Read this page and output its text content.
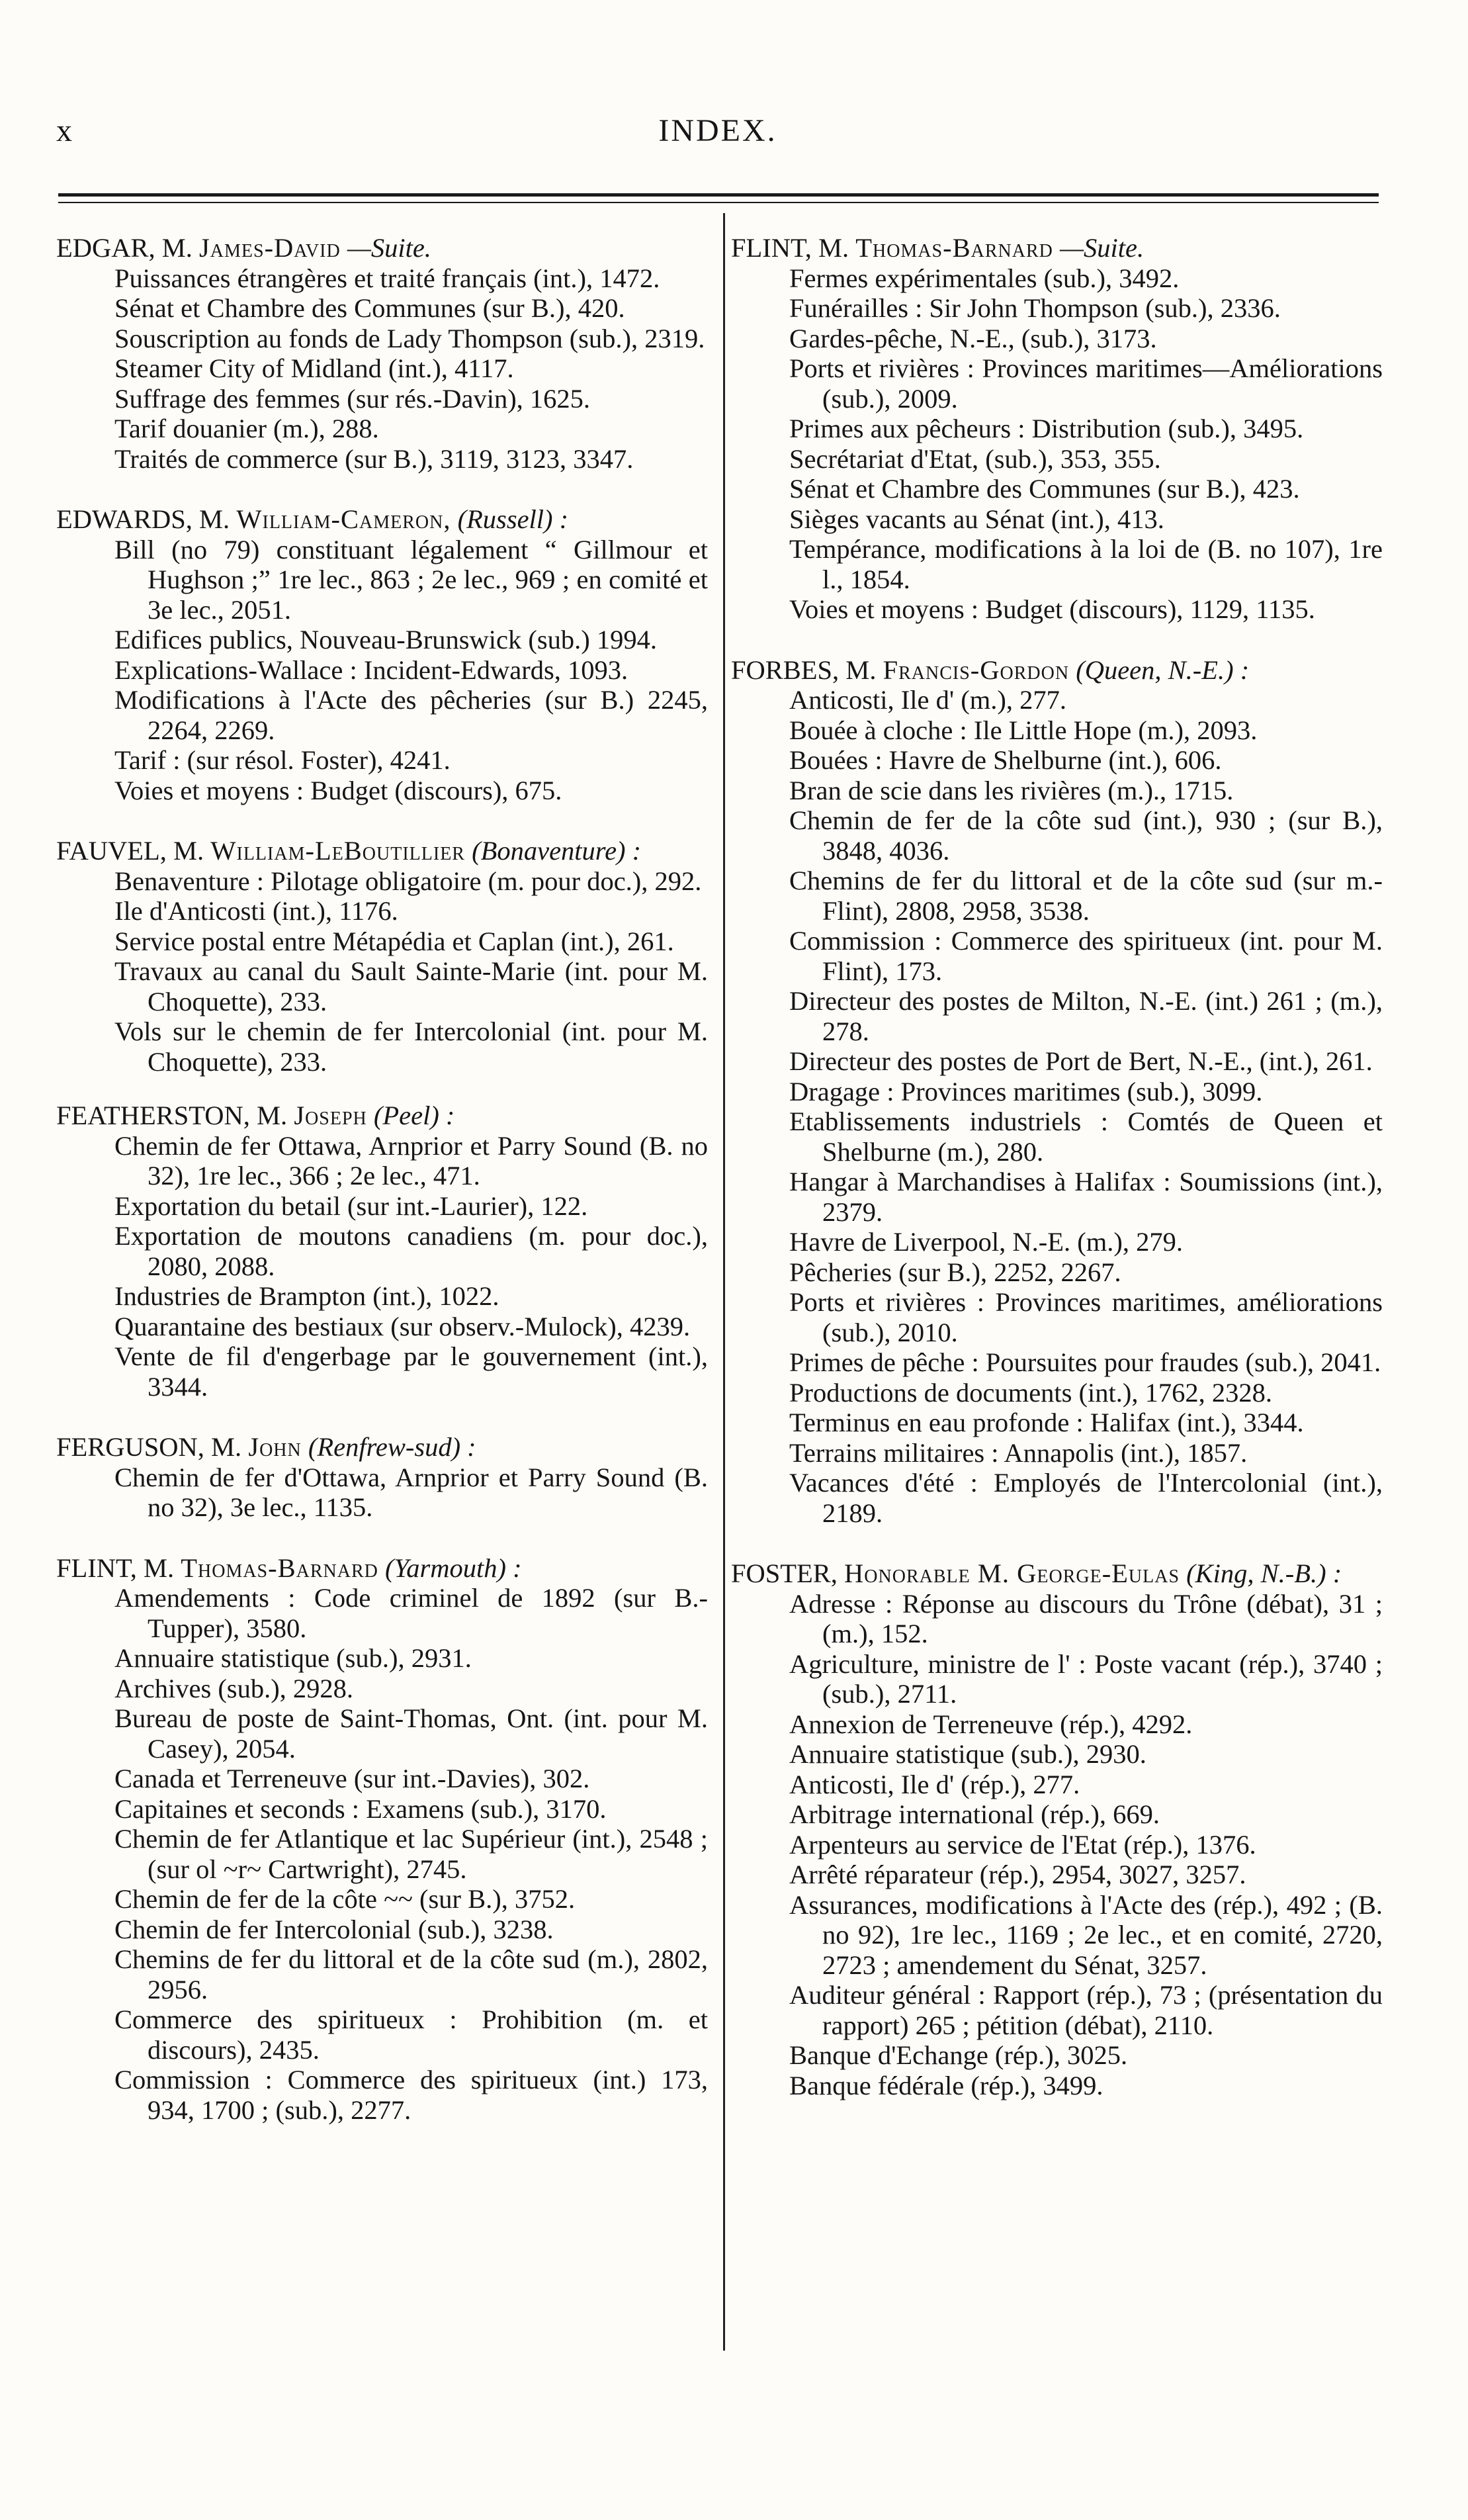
x	INDEX.
EDGAR, M. James-David —Suite.
Puissances étrangères et traité français (int.), 1472.
Sénat et Chambre des Communes (sur B.), 420.
Souscription au fonds de Lady Thompson (sub.), 2319.
Steamer City of Midland (int.), 4117.
Suffrage des femmes (sur rés.-Davin), 1625.
Tarif douanier (m.), 288.
Traités de commerce (sur B.), 3119, 3123, 3347.
EDWARDS, M. William-Cameron, (Russell) :
Bill (no 79) constituant légalement “ Gillmour et Hughson ;” 1re lec., 863 ; 2e lec., 969 ; en comité et 3e lec., 2051.
Edifices publics, Nouveau-Brunswick (sub.) 1994.
Explications-Wallace : Incident-Edwards, 1093.
Modifications à l'Acte des pêcheries (sur B.) 2245, 2264, 2269.
Tarif : (sur résol. Foster), 4241.
Voies et moyens : Budget (discours), 675.
FAUVEL, M. William-LeBoutillier (Bonaventure) :
Benaventure : Pilotage obligatoire (m. pour doc.), 292.
Ile d'Anticosti (int.), 1176.
Service postal entre Métapédia et Caplan (int.), 261.
Travaux au canal du Sault Sainte-Marie (int. pour M. Choquette), 233.
Vols sur le chemin de fer Intercolonial (int. pour M. Choquette), 233.
FEATHERSTON, M. Joseph (Peel) :
Chemin de fer Ottawa, Arnprior et Parry Sound (B. no 32), 1re lec., 366 ; 2e lec., 471.
Exportation du betail (sur int.-Laurier), 122.
Exportation de moutons canadiens (m. pour doc.), 2080, 2088.
Industries de Brampton (int.), 1022.
Quarantaine des bestiaux (sur observ.-Mulock), 4239.
Vente de fil d'engerbage par le gouvernement (int.), 3344.
FERGUSON, M. John (Renfrew-sud) :
Chemin de fer d'Ottawa, Arnprior et Parry Sound (B. no 32), 3e lec., 1135.
FLINT, M. Thomas-Barnard (Yarmouth) :
Amendements : Code criminel de 1892 (sur B.-Tupper), 3580.
Annuaire statistique (sub.), 2931.
Archives (sub.), 2928.
Bureau de poste de Saint-Thomas, Ont. (int. pour M. Casey), 2054.
Canada et Terreneuve (sur int.-Davies), 302.
Capitaines et seconds : Examens (sub.), 3170.
Chemin de fer Atlantique et lac Supérieur (int.), 2548 ; (sur ol ~r~ Cartwright), 2745.
Chemin de fer de la côte ~~ (sur B.), 3752.
Chemin de fer Intercolonial (sub.), 3238.
Chemins de fer du littoral et de la côte sud (m.), 2802, 2956.
Commerce des spiritueux : Prohibition (m. et discours), 2435.
Commission : Commerce des spiritueux (int.) 173, 934, 1700 ; (sub.), 2277.
FLINT, M. Thomas-Barnard —Suite.
Fermes expérimentales (sub.), 3492.
Funérailles : Sir John Thompson (sub.), 2336.
Gardes-pêche, N.-E., (sub.), 3173.
Ports et rivières : Provinces maritimes—Améliorations (sub.), 2009.
Primes aux pêcheurs : Distribution (sub.), 3495.
Secrétariat d'Etat, (sub.), 353, 355.
Sénat et Chambre des Communes (sur B.), 423.
Sièges vacants au Sénat (int.), 413.
Tempérance, modifications à la loi de (B. no 107), 1re l., 1854.
Voies et moyens : Budget (discours), 1129, 1135.
FORBES, M. Francis-Gordon (Queen, N.-E.) :
Anticosti, Ile d' (m.), 277.
Bouée à cloche : Ile Little Hope (m.), 2093.
Bouées : Havre de Shelburne (int.), 606.
Bran de scie dans les rivières (m.)., 1715.
Chemin de fer de la côte sud (int.), 930 ; (sur B.), 3848, 4036.
Chemins de fer du littoral et de la côte sud (sur m.-Flint), 2808, 2958, 3538.
Commission : Commerce des spiritueux (int. pour M. Flint), 173.
Directeur des postes de Milton, N.-E. (int.) 261 ; (m.), 278.
Directeur des postes de Port de Bert, N.-E., (int.), 261.
Dragage : Provinces maritimes (sub.), 3099.
Etablissements industriels : Comtés de Queen et Shelburne (m.), 280.
Hangar à Marchandises à Halifax : Soumissions (int.), 2379.
Havre de Liverpool, N.-E. (m.), 279.
Pêcheries (sur B.), 2252, 2267.
Ports et rivières : Provinces maritimes, améliorations (sub.), 2010.
Primes de pêche : Poursuites pour fraudes (sub.), 2041.
Productions de documents (int.), 1762, 2328.
Terminus en eau profonde : Halifax (int.), 3344.
Terrains militaires : Annapolis (int.), 1857.
Vacances d'été : Employés de l'Intercolonial (int.), 2189.
FOSTER, Honorable M. George-Eulas (King, N.-B.) :
Adresse : Réponse au discours du Trône (débat), 31 ; (m.), 152.
Agriculture, ministre de l' : Poste vacant (rép.), 3740 ; (sub.), 2711.
Annexion de Terreneuve (rép.), 4292.
Annuaire statistique (sub.), 2930.
Anticosti, Ile d' (rép.), 277.
Arbitrage international (rép.), 669.
Arpenteurs au service de l'Etat (rép.), 1376.
Arrêté réparateur (rép.), 2954, 3027, 3257.
Assurances, modifications à l'Acte des (rép.), 492 ; (B. no 92), 1re lec., 1169 ; 2e lec., et en comité, 2720, 2723 ; amendement du Sénat, 3257.
Auditeur général : Rapport (rép.), 73 ; (présentation du rapport) 265 ; pétition (débat), 2110.
Banque d'Echange (rép.), 3025.
Banque fédérale (rép.), 3499.
